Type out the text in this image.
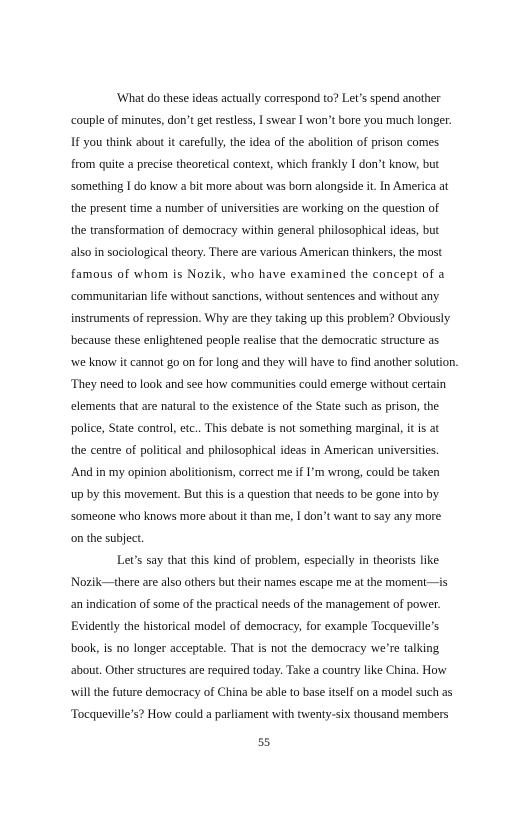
What do these ideas actually correspond to? Let’s spend another
couple of minutes, don’t get restless, I swear I won’t bore you much longer.
If you think about it carefully, the idea of the abolition of prison comes
from quite a precise theoretical context, which frankly I don’t know, but
something I do know a bit more about was born alongside it. In America at
the present time a number of universities are working on the question of
the transformation of democracy within general philosophical ideas, but
also in sociological theory. There are various American thinkers, the most
famous of whom is Nozik, who have examined the concept of a
communitarian life without sanctions, without sentences and without any
instruments of repression. Why are they taking up this problem? Obviously
because these enlightened people realise that the democratic structure as
we know it cannot go on for long and they will have to find another solution.
They need to look and see how communities could emerge without certain
elements that are natural to the existence of the State such as prison, the
police, State control, etc.. This debate is not something marginal, it is at
the centre of political and philosophical ideas in American universities.
And in my opinion abolitionism, correct me if I’m wrong, could be taken
up by this movement. But this is a question that needs to be gone into by
someone who knows more about it than me, I don’t want to say any more
on the subject.
Let’s say that this kind of problem, especially in theorists like
Nozik—there are also others but their names escape me at the moment—is
an indication of some of the practical needs of the management of power.
Evidently the historical model of democracy, for example Tocqueville’s
book, is no longer acceptable. That is not the democracy we’re talking
about. Other structures are required today. Take a country like China. How
will the future democracy of China be able to base itself on a model such as
Tocqueville’s? How could a parliament with twenty-six thousand members
55
